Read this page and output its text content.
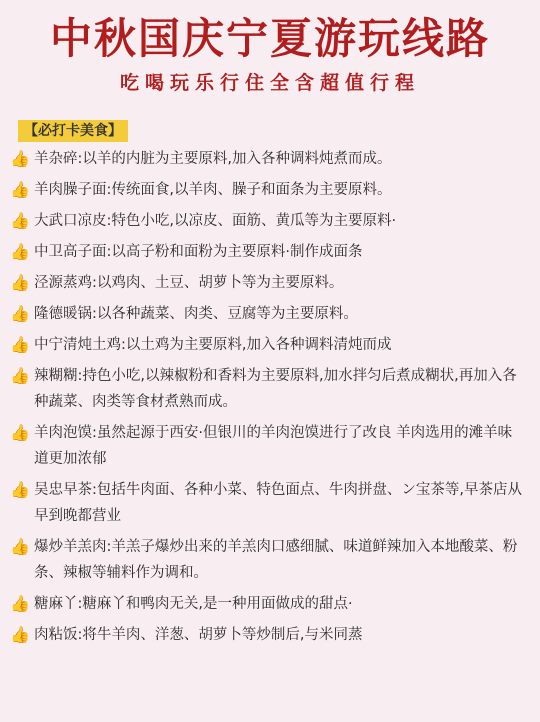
中秋国庆宁夏游玩线路
吃喝玩乐行住全含超值行程
【必打卡美食】
👍 羊杂碎:以羊的内脏为主要原料,加入各种调料炖煮而成。
👍 羊肉臊子面:传统面食,以羊肉、臊子和面条为主要原料。
👍 大武口凉皮:特色小吃,以凉皮、面筋、黄瓜等为主要原料·
👍 中卫高子面:以高子粉和面粉为主要原料·制作成面条
👍 泾源蒸鸡:以鸡肉、土豆、胡萝卜等为主要原料。
👍 隆德暖锅:以各种蔬菜、肉类、豆腐等为主要原料。
👍 中宁清炖土鸡:以土鸡为主要原料,加入各种调料清炖而成
👍 辣糊糊:持色小吃,以辣椒粉和香料为主要原料,加水拌匀后煮成糊状,再加入各种蔬菜、肉类等食材煮熟而成。
👍 羊肉泡馍:虽然起源于西安·但银川的羊肉泡馍进行了改良 羊肉选用的滩羊味道更加浓郁
👍 吴忠早茶:包括牛肉面、各种小菜、特色面点、牛肉拼盘、ン宝茶等,早茶店从早到晚都营业
👍 爆炒羊羔肉:羊羔子爆炒出来的羊羔肉口感细腻、味道鲜辣加入本地酸菜、粉条、辣椒等辅料作为调和。
👍 糖麻丫:糖麻丫和鸭肉无关,是一种用面做成的甜点·
👍 肉粘饭:将牛羊肉、洋葱、胡萝卜等炒制后,与米同蒸
